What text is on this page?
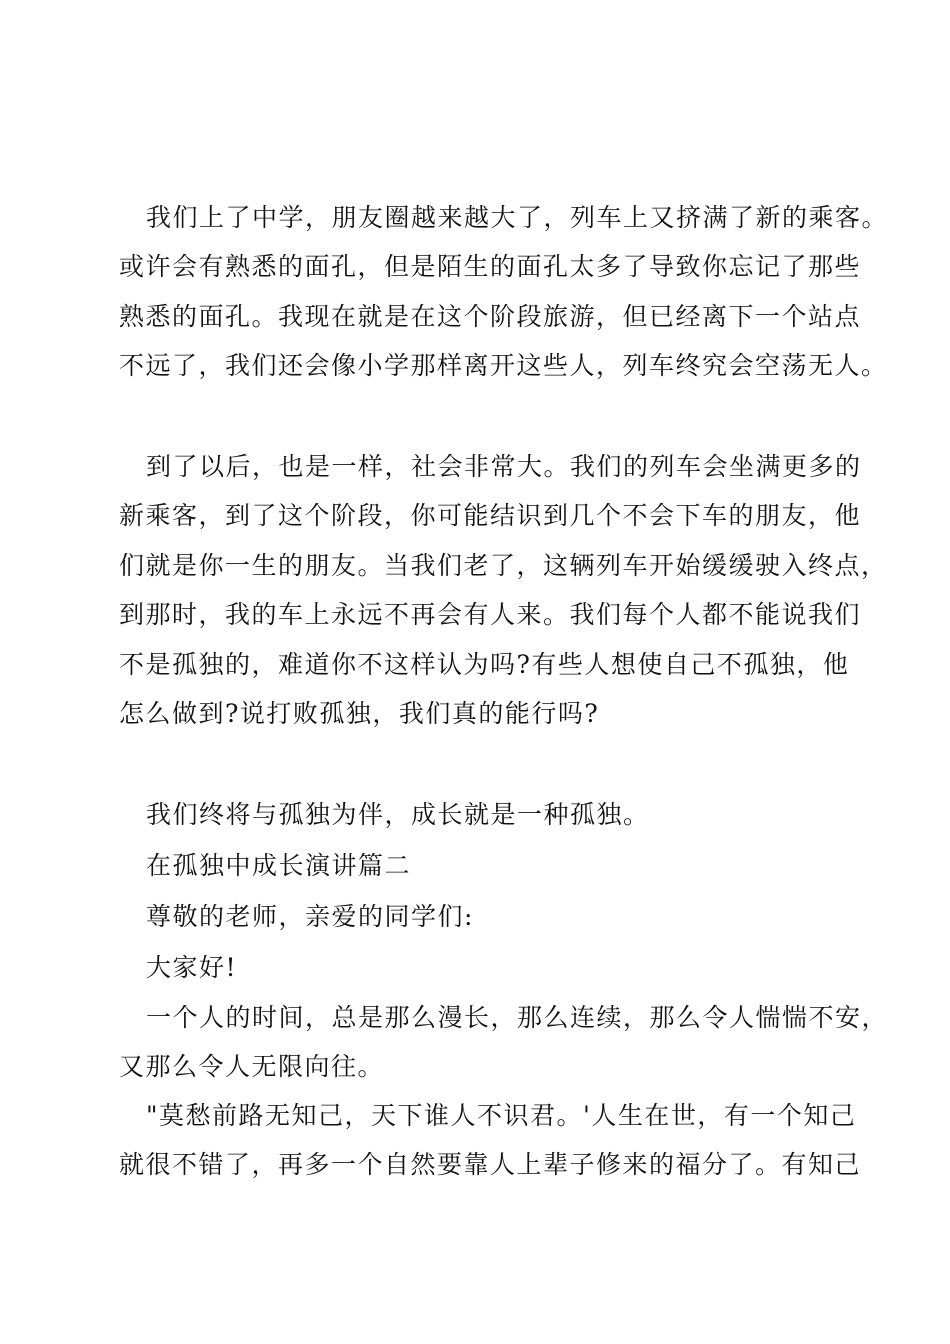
我们上了中学，朋友圈越来越大了，列车上又挤满了新的乘客。
或许会有熟悉的面孔，但是陌生的面孔太多了导致你忘记了那些
熟悉的面孔。我现在就是在这个阶段旅游，但已经离下一个站点
不远了，我们还会像小学那样离开这些人，列车终究会空荡无人。
到了以后，也是一样，社会非常大。我们的列车会坐满更多的
新乘客，到了这个阶段，你可能结识到几个不会下车的朋友，他
们就是你一生的朋友。当我们老了，这辆列车开始缓缓驶入终点，
到那时，我的车上永远不再会有人来。我们每个人都不能说我们
不是孤独的，难道你不这样认为吗?有些人想使自己不孤独，他
怎么做到?说打败孤独，我们真的能行吗?
我们终将与孤独为伴，成长就是一种孤独。
在孤独中成长演讲篇二
尊敬的老师，亲爱的同学们:
大家好!
一个人的时间，总是那么漫长，那么连续，那么令人惴惴不安，
又那么令人无限向往。
"莫愁前路无知己，天下谁人不识君。'人生在世，有一个知己
就很不错了，再多一个自然要靠人上辈子修来的福分了。有知己
